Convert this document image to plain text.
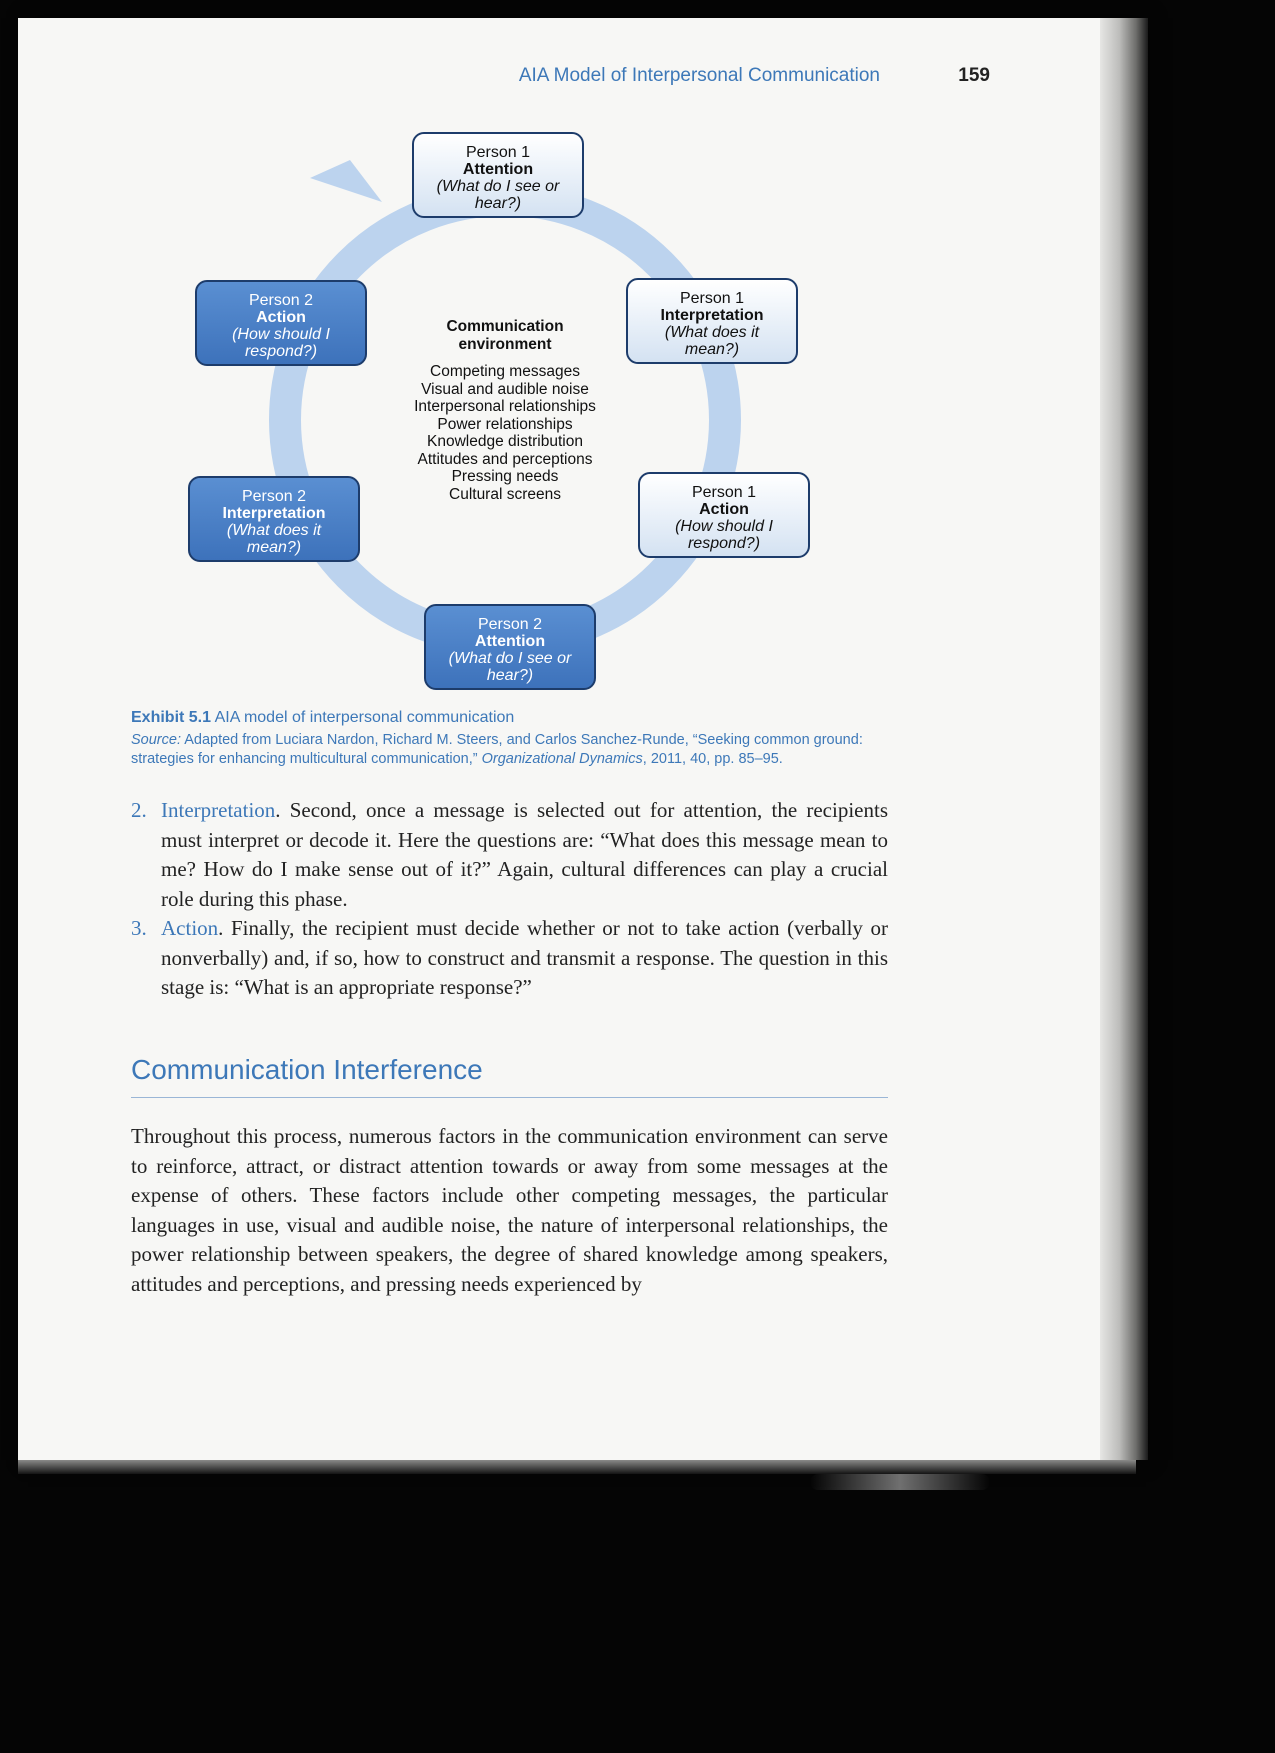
AIA Model of Interpersonal Communication	159
Person 1
Attention
(What do I see or
hear?)
Person 1
Interpretation
(What does it
mean?)
Person 1
Action
(How should I
respond?)
Person 2
Attention
(What do I see or
hear?)
Person 2
Interpretation
(What does it
mean?)
Person 2
Action
(How should I
respond?)
Communication
environment
Competing messages
Visual and audible noise
Interpersonal relationships
Power relationships
Knowledge distribution
Attitudes and perceptions
Pressing needs
Cultural screens
Exhibit 5.1 AIA model of interpersonal communication
Source: Adapted from Luciara Nardon, Richard M. Steers, and Carlos Sanchez-Runde, “Seeking common ground: strategies for enhancing multicultural communication,” Organizational Dynamics, 2011, 40, pp. 85–95.
2. Interpretation. Second, once a message is selected out for attention, the recipients must interpret or decode it. Here the questions are: “What does this message mean to me? How do I make sense out of it?” Again, cultural differences can play a crucial role during this phase.
3. Action. Finally, the recipient must decide whether or not to take action (verbally or nonverbally) and, if so, how to construct and transmit a response. The question in this stage is: “What is an appropriate response?”
Communication Interference
Throughout this process, numerous factors in the communication environment can serve to reinforce, attract, or distract attention towards or away from some messages at the expense of others. These factors include other competing messages, the particular languages in use, visual and audible noise, the nature of interpersonal relationships, the power relationship between speakers, the degree of shared knowledge among speakers, attitudes and perceptions, and pressing needs experienced by
